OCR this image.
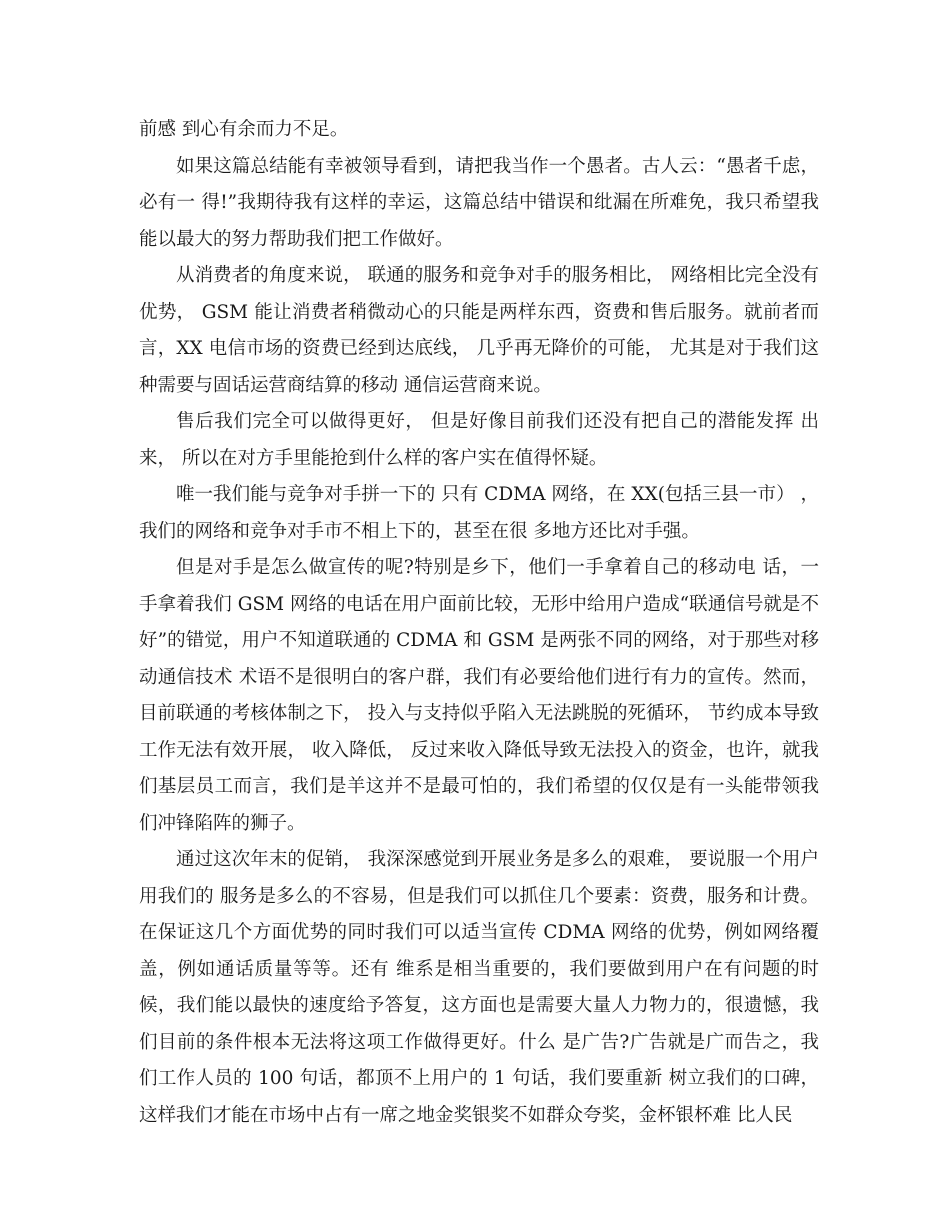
前感 到心有余而力不足。

如果这篇总结能有幸被领导看到，请把我当作一个愚者。古人云：“愚者千虑，必有一 得!”我期待我有这样的幸运，这篇总结中错误和纰漏在所难免，我只希望我能以最大的努力帮助我们把工作做好。

从消费者的角度来说， 联通的服务和竞争对手的服务相比， 网络相比完全没有优势， GSM 能让消费者稍微动心的只能是两样东西，资费和售后服务。就前者而言，XX 电信市场的资费已经到达底线， 几乎再无降价的可能， 尤其是对于我们这种需要与固话运营商结算的移动 通信运营商来说。

售后我们完全可以做得更好， 但是好像目前我们还没有把自己的潜能发挥 出来， 所以在对方手里能抢到什么样的客户实在值得怀疑。

唯一我们能与竞争对手拼一下的 只有 CDMA 网络，在 XX(包括三县一市） ，我们的网络和竞争对手市不相上下的，甚至在很 多地方还比对手强。

但是对手是怎么做宣传的呢?特别是乡下，他们一手拿着自己的移动电 话，一手拿着我们 GSM 网络的电话在用户面前比较，无形中给用户造成“联通信号就是不 好”的错觉，用户不知道联通的 CDMA 和 GSM 是两张不同的网络，对于那些对移动通信技术 术语不是很明白的客户群，我们有必要给他们进行有力的宣传。然而，目前联通的考核体制之下， 投入与支持似乎陷入无法跳脱的死循环， 节约成本导致工作无法有效开展， 收入降低， 反过来收入降低导致无法投入的资金，也许，就我们基层员工而言，我们是羊这并不是最可怕的，我们希望的仅仅是有一头能带领我们冲锋陷阵的狮子。

通过这次年末的促销， 我深深感觉到开展业务是多么的艰难， 要说服一个用户用我们的 服务是多么的不容易，但是我们可以抓住几个要素：资费，服务和计费。在保证这几个方面优势的同时我们可以适当宣传 CDMA 网络的优势，例如网络覆盖，例如通话质量等等。还有 维系是相当重要的，我们要做到用户在有问题的时候，我们能以最快的速度给予答复，这方面也是需要大量人力物力的，很遗憾，我们目前的条件根本无法将这项工作做得更好。什么 是广告?广告就是广而告之，我们工作人员的 100 句话，都顶不上用户的 1 句话，我们要重新 树立我们的口碑， 这样我们才能在市场中占有一席之地金奖银奖不如群众夸奖，金杯银杯难 比人民
